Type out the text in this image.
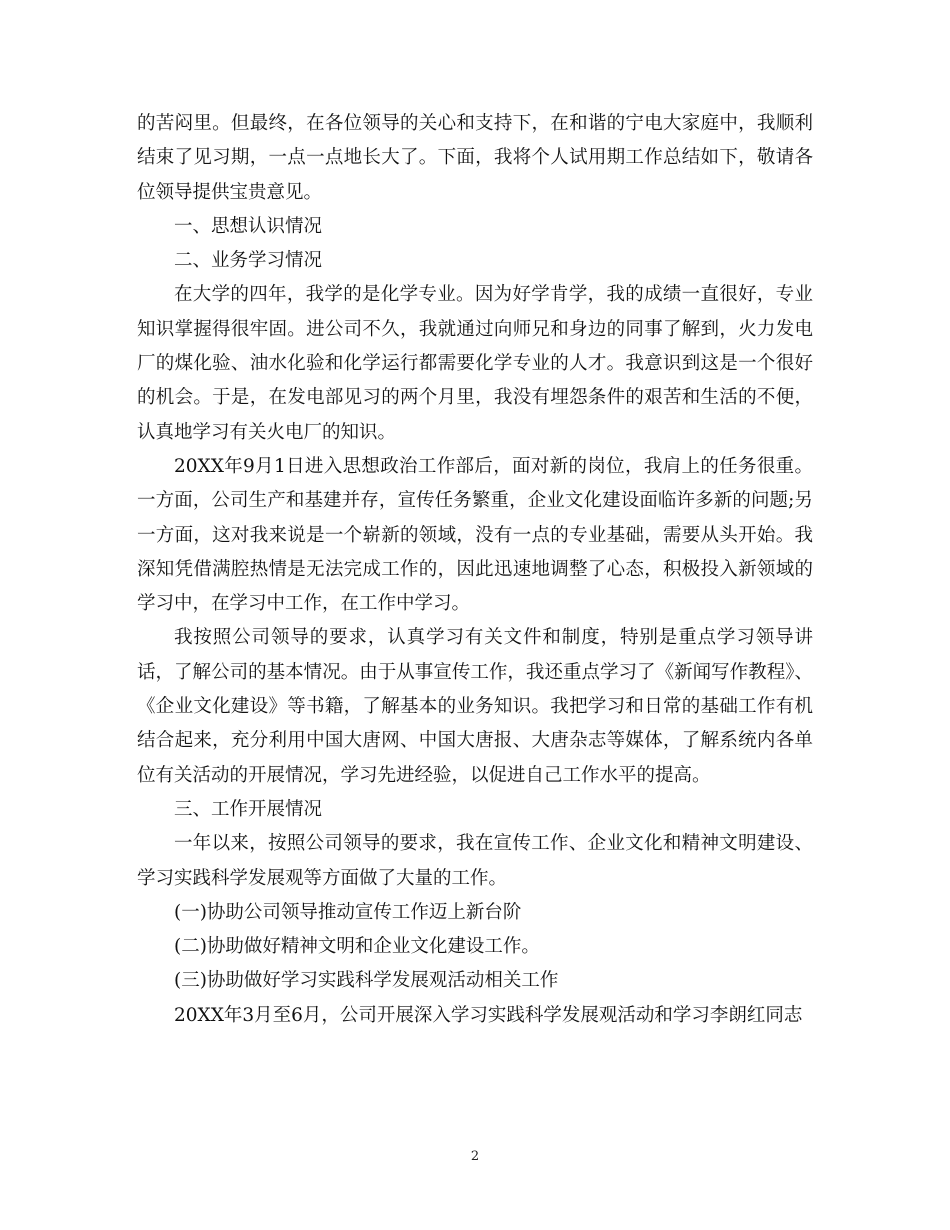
的苦闷里。但最终，在各位领导的关心和支持下，在和谐的宁电大家庭中，我顺利结束了见习期，一点一点地长大了。下面，我将个人试用期工作总结如下，敬请各位领导提供宝贵意见。

一、思想认识情况

二、业务学习情况

在大学的四年，我学的是化学专业。因为好学肯学，我的成绩一直很好，专业知识掌握得很牢固。进公司不久，我就通过向师兄和身边的同事了解到，火力发电厂的煤化验、油水化验和化学运行都需要化学专业的人才。我意识到这是一个很好的机会。于是，在发电部见习的两个月里，我没有埋怨条件的艰苦和生活的不便，认真地学习有关火电厂的知识。

20XX年9月1日进入思想政治工作部后，面对新的岗位，我肩上的任务很重。一方面，公司生产和基建并存，宣传任务繁重，企业文化建设面临许多新的问题;另一方面，这对我来说是一个崭新的领域，没有一点的专业基础，需要从头开始。我深知凭借满腔热情是无法完成工作的，因此迅速地调整了心态，积极投入新领域的学习中，在学习中工作，在工作中学习。

我按照公司领导的要求，认真学习有关文件和制度，特别是重点学习领导讲话，了解公司的基本情况。由于从事宣传工作，我还重点学习了《新闻写作教程》、《企业文化建设》等书籍，了解基本的业务知识。我把学习和日常的基础工作有机结合起来，充分利用中国大唐网、中国大唐报、大唐杂志等媒体，了解系统内各单位有关活动的开展情况，学习先进经验，以促进自己工作水平的提高。

三、工作开展情况

一年以来，按照公司领导的要求，我在宣传工作、企业文化和精神文明建设、学习实践科学发展观等方面做了大量的工作。

(一)协助公司领导推动宣传工作迈上新台阶

(二)协助做好精神文明和企业文化建设工作。

(三)协助做好学习实践科学发展观活动相关工作

20XX年3月至6月，公司开展深入学习实践科学发展观活动和学习李朗红同志

2
